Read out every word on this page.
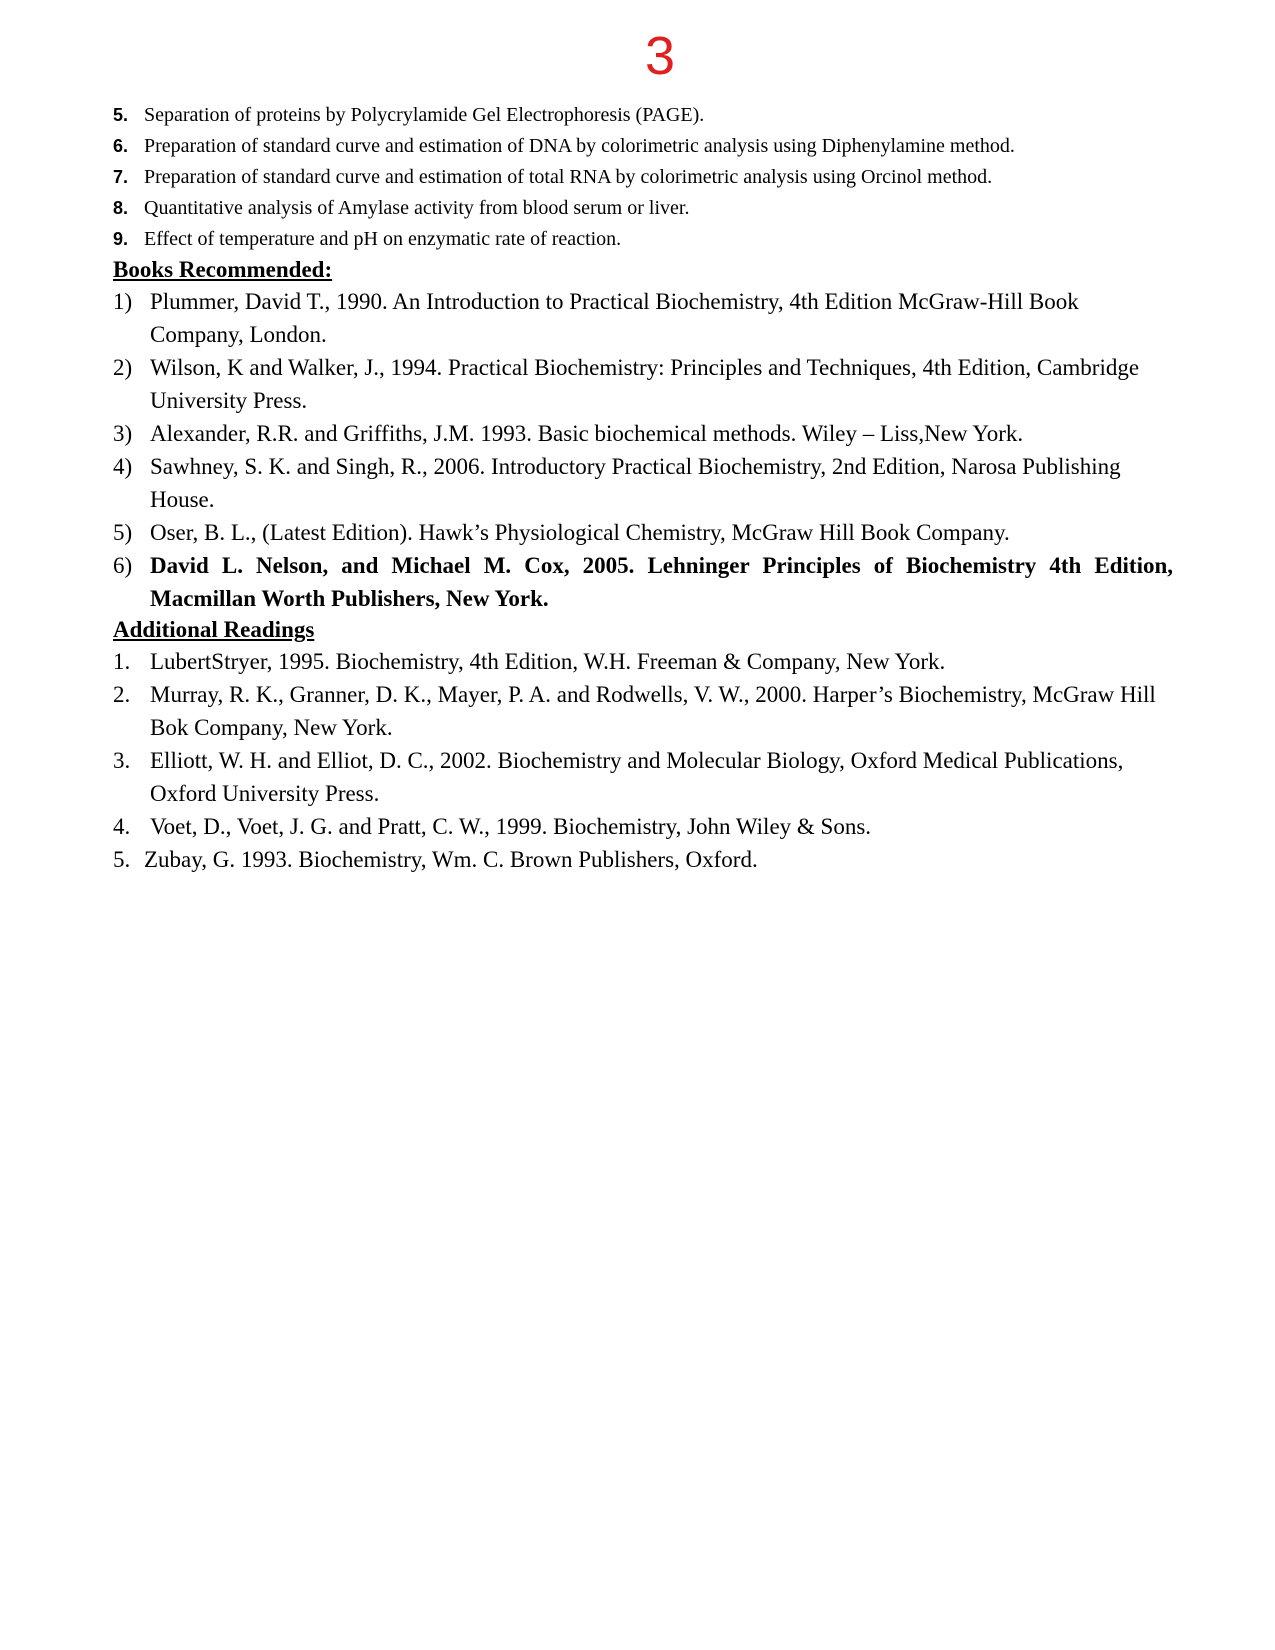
3
5. Separation of proteins by Polycrylamide Gel Electrophoresis (PAGE).
6. Preparation of standard curve and estimation of DNA by colorimetric analysis using Diphenylamine method.
7. Preparation of standard curve and estimation of total RNA by colorimetric analysis using Orcinol method.
8. Quantitative analysis of Amylase activity from blood serum or liver.
9. Effect of temperature and pH on enzymatic rate of reaction.
Books Recommended:
1) Plummer, David T., 1990. An Introduction to Practical Biochemistry, 4th Edition McGraw-Hill Book Company, London.
2) Wilson, K and Walker, J., 1994. Practical Biochemistry: Principles and Techniques, 4th Edition, Cambridge University Press.
3) Alexander, R.R. and Griffiths, J.M. 1993. Basic biochemical methods. Wiley – Liss,New York.
4) Sawhney, S. K. and Singh, R., 2006. Introductory Practical Biochemistry, 2nd Edition, Narosa Publishing House.
5) Oser, B. L., (Latest Edition). Hawk’s Physiological Chemistry, McGraw Hill Book Company.
6) David L. Nelson, and Michael M. Cox, 2005. Lehninger Principles of Biochemistry 4th Edition, Macmillan Worth Publishers, New York.
Additional Readings
1. LubertStryer, 1995. Biochemistry, 4th Edition, W.H. Freeman & Company, New York.
2. Murray, R. K., Granner, D. K., Mayer, P. A. and Rodwells, V. W., 2000. Harper’s Biochemistry, McGraw Hill Bok Company, New York.
3. Elliott, W. H. and Elliot, D. C., 2002. Biochemistry and Molecular Biology, Oxford Medical Publications, Oxford University Press.
4. Voet, D., Voet, J. G. and Pratt, C. W., 1999. Biochemistry, John Wiley & Sons.
5. Zubay, G. 1993. Biochemistry, Wm. C. Brown Publishers, Oxford.
